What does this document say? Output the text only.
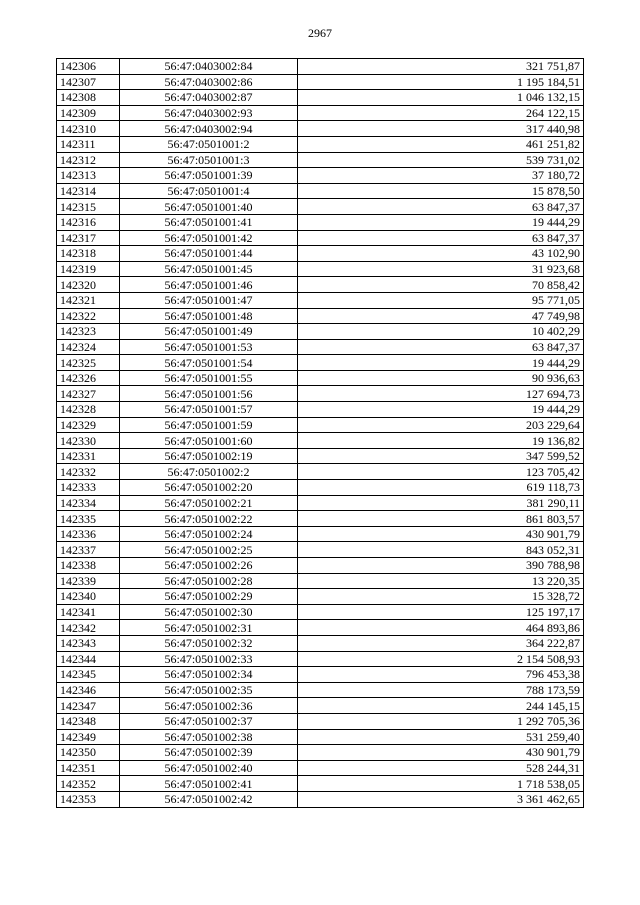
2967
142306	56:47:0403002:84	321 751,87
142307	56:47:0403002:86	1 195 184,51
142308	56:47:0403002:87	1 046 132,15
142309	56:47:0403002:93	264 122,15
142310	56:47:0403002:94	317 440,98
142311	56:47:0501001:2	461 251,82
142312	56:47:0501001:3	539 731,02
142313	56:47:0501001:39	37 180,72
142314	56:47:0501001:4	15 878,50
142315	56:47:0501001:40	63 847,37
142316	56:47:0501001:41	19 444,29
142317	56:47:0501001:42	63 847,37
142318	56:47:0501001:44	43 102,90
142319	56:47:0501001:45	31 923,68
142320	56:47:0501001:46	70 858,42
142321	56:47:0501001:47	95 771,05
142322	56:47:0501001:48	47 749,98
142323	56:47:0501001:49	10 402,29
142324	56:47:0501001:53	63 847,37
142325	56:47:0501001:54	19 444,29
142326	56:47:0501001:55	90 936,63
142327	56:47:0501001:56	127 694,73
142328	56:47:0501001:57	19 444,29
142329	56:47:0501001:59	203 229,64
142330	56:47:0501001:60	19 136,82
142331	56:47:0501002:19	347 599,52
142332	56:47:0501002:2	123 705,42
142333	56:47:0501002:20	619 118,73
142334	56:47:0501002:21	381 290,11
142335	56:47:0501002:22	861 803,57
142336	56:47:0501002:24	430 901,79
142337	56:47:0501002:25	843 052,31
142338	56:47:0501002:26	390 788,98
142339	56:47:0501002:28	13 220,35
142340	56:47:0501002:29	15 328,72
142341	56:47:0501002:30	125 197,17
142342	56:47:0501002:31	464 893,86
142343	56:47:0501002:32	364 222,87
142344	56:47:0501002:33	2 154 508,93
142345	56:47:0501002:34	796 453,38
142346	56:47:0501002:35	788 173,59
142347	56:47:0501002:36	244 145,15
142348	56:47:0501002:37	1 292 705,36
142349	56:47:0501002:38	531 259,40
142350	56:47:0501002:39	430 901,79
142351	56:47:0501002:40	528 244,31
142352	56:47:0501002:41	1 718 538,05
142353	56:47:0501002:42	3 361 462,65
